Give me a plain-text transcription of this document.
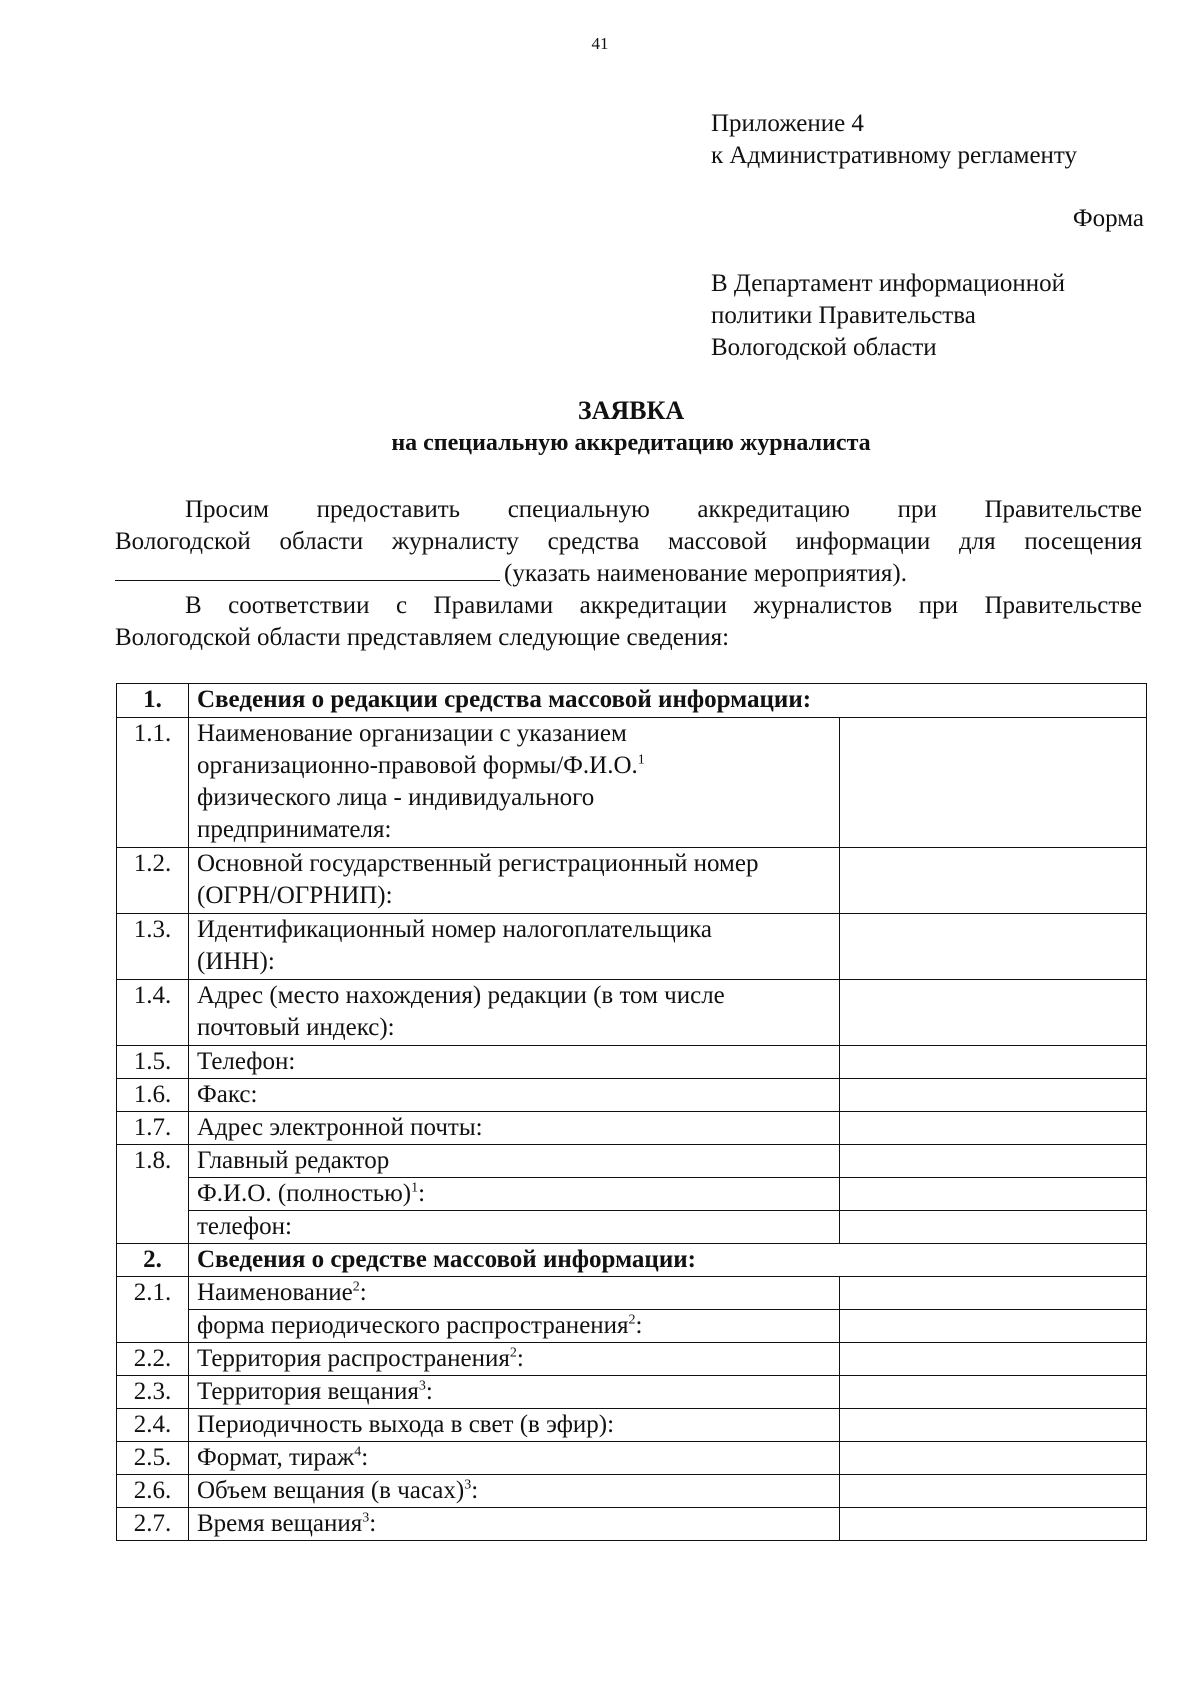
41
Приложение 4
к Административному регламенту
Форма
В Департамент информационной
политики Правительства
Вологодской области
ЗАЯВКА
на специальную аккредитацию журналиста
Просим предоставить специальную аккредитацию при Правительстве
Вологодской области журналисту средства массовой информации для посещения
(указать наименование мероприятия).
В соответствии с Правилами аккредитации журналистов при Правительстве
Вологодской области представляем следующие сведения:
1.	Сведения о редакции средства массовой информации:	
1.1.	Наименование организации с указанием
организационно-правовой формы/Ф.И.О.$^1$
физического лица - индивидуального
предпринимателя:	

1.2.	Основной государственный регистрационный номер
(ОГРН/ОГРНИП):	

1.3.	Идентификационный номер налогоплательщика
(ИНН):	

1.4.	Адрес (место нахождения) редакции (в том числе
почтовый индекс):	

1.5.	Телефон:	
1.6.	Факс:	
1.7.	Адрес электронной почты:	
1.8.	Главный редактор	
	Ф.И.О. (полностью)$^1$:	
	телефон:	
2.	Сведения о средстве массовой информации:	
2.1.	Наименование$^2$:	
	форма периодического распространения$^2$:	
2.2.	Территория распространения$^2$:	
2.3.	Территория вещания$^3$:	
2.4.	Периодичность выхода в свет (в эфир):	
2.5.	Формат, тираж$^4$:	
2.6.	Объем вещания (в часах)$^3$:	
2.7.	Время вещания$^3$:	
